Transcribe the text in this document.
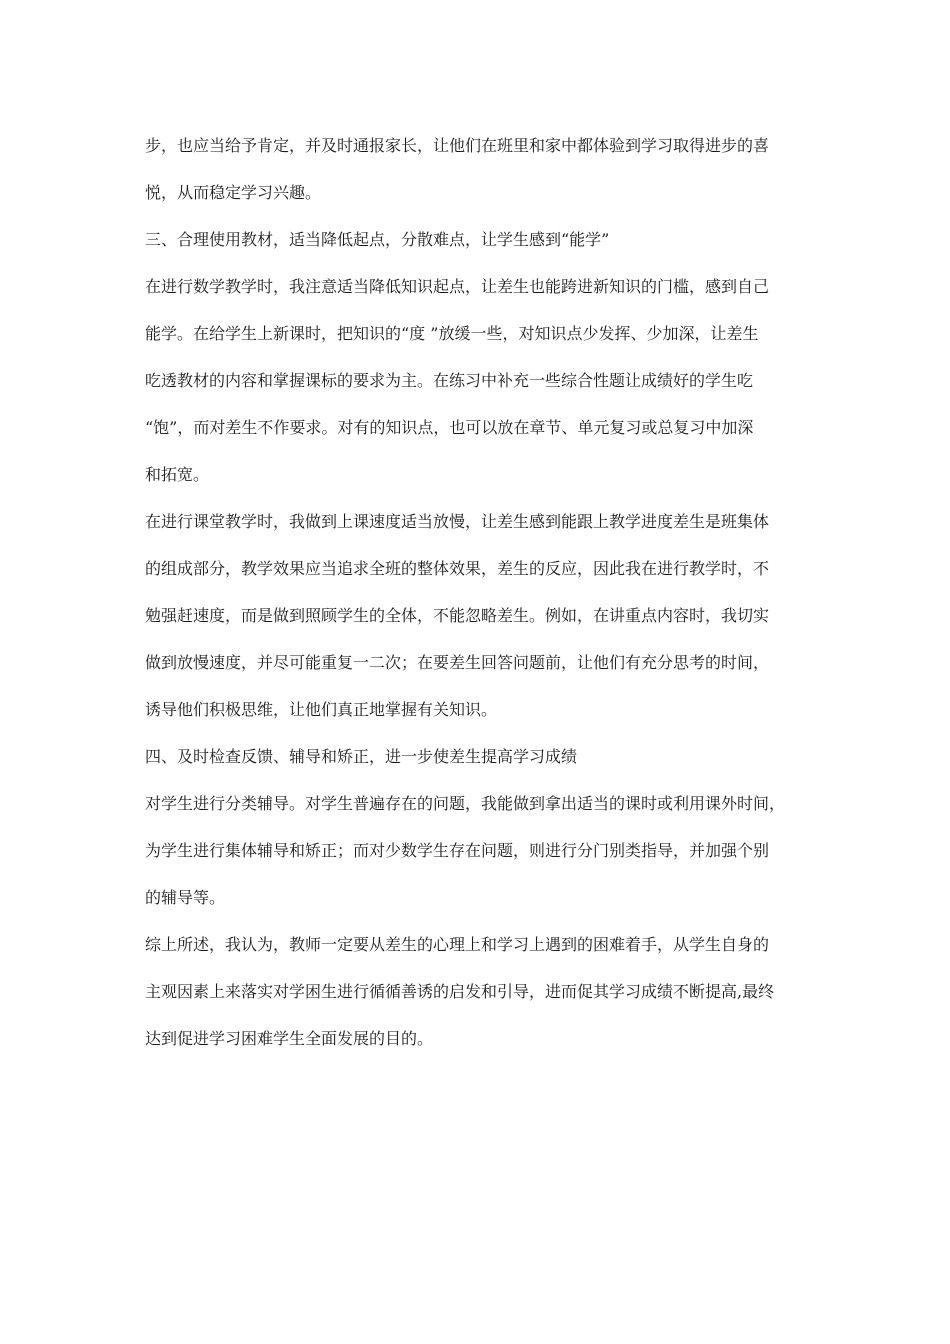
步，也应当给予肯定，并及时通报家长，让他们在班里和家中都体验到学习取得进步的喜
悦，从而稳定学习兴趣。
三、合理使用教材，适当降低起点，分散难点，让学生感到“能学”
在进行数学教学时，我注意适当降低知识起点，让差生也能跨进新知识的门槛，感到自己
能学。在给学生上新课时，把知识的“度 ”放缓一些，对知识点少发挥、少加深，让差生
吃透教材的内容和掌握课标的要求为主。在练习中补充一些综合性题让成绩好的学生吃
“饱”，而对差生不作要求。对有的知识点，也可以放在章节、单元复习或总复习中加深
和拓宽。
在进行课堂教学时，我做到上课速度适当放慢，让差生感到能跟上教学进度差生是班集体
的组成部分，教学效果应当追求全班的整体效果，差生的反应，因此我在进行教学时，不
勉强赶速度，而是做到照顾学生的全体，不能忽略差生。例如，在讲重点内容时，我切实
做到放慢速度，并尽可能重复一二次；在要差生回答问题前，让他们有充分思考的时间，
诱导他们积极思维，让他们真正地掌握有关知识。
四、及时检查反馈、辅导和矫正，进一步使差生提高学习成绩
对学生进行分类辅导。对学生普遍存在的问题，我能做到拿出适当的课时或利用课外时间，
为学生进行集体辅导和矫正；而对少数学生存在问题，则进行分门别类指导，并加强个别
的辅导等。
综上所述，我认为，教师一定要从差生的心理上和学习上遇到的困难着手，从学生自身的
主观因素上来落实对学困生进行循循善诱的启发和引导，进而促其学习成绩不断提高,最终
达到促进学习困难学生全面发展的目的。
